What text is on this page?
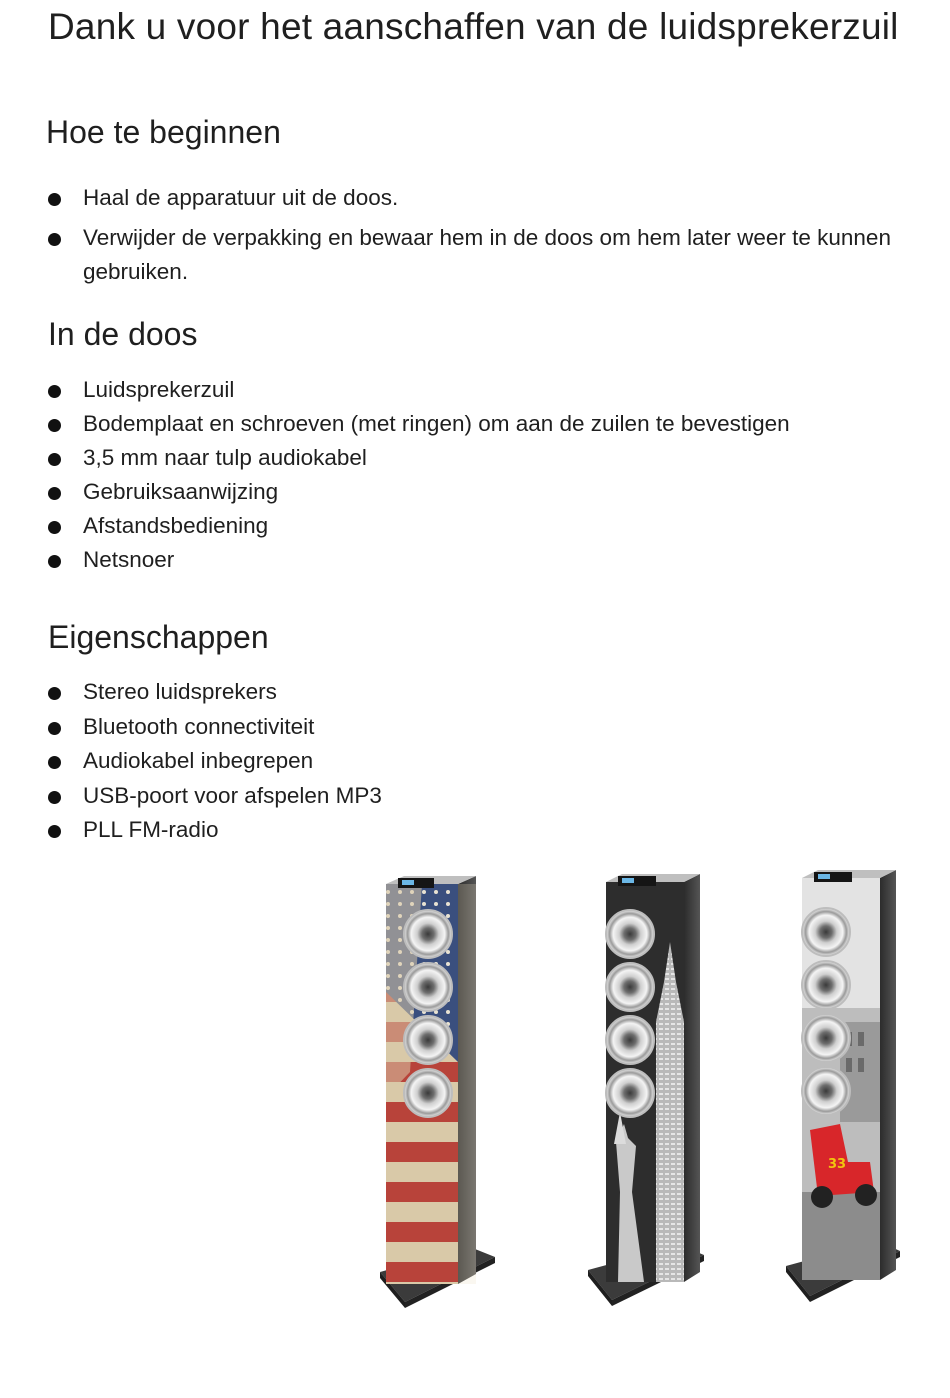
Dank u voor het aanschaffen van de luidsprekerzuil
Hoe te beginnen
Haal de apparatuur uit de doos.
Verwijder de verpakking en bewaar hem in de doos om hem later weer te kunnen gebruiken.
In de doos
Luidsprekerzuil
Bodemplaat en schroeven (met ringen) om aan de zuilen te bevestigen
3,5 mm naar tulp audiokabel
Gebruiksaanwijzing
Afstandsbediening
Netsnoer
Eigenschappen
Stereo luidsprekers
Bluetooth connectiviteit
Audiokabel inbegrepen
USB-poort voor afspelen MP3
PLL FM-radio
33
